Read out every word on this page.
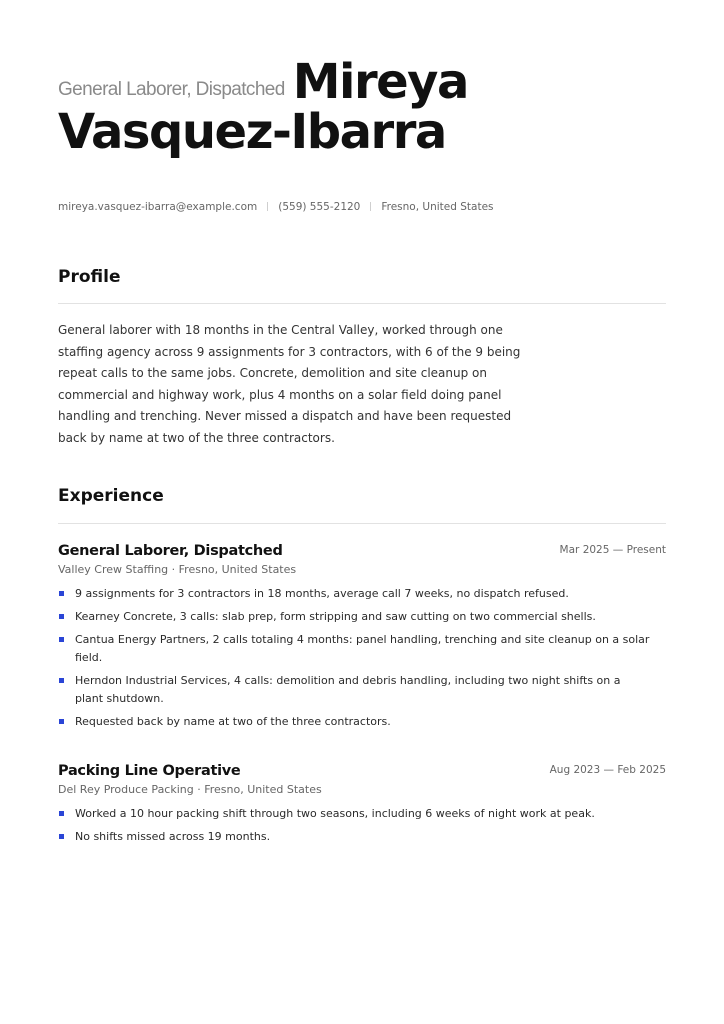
General Laborer, Dispatched Mireya
Vasquez-Ibarra
mireya.vasquez-ibarra@example.com (559) 555-2120 Fresno, United States
Profile
General laborer with 18 months in the Central Valley, worked through one staffing agency across 9 assignments for 3 contractors, with 6 of the 9 being repeat calls to the same jobs. Concrete, demolition and site cleanup on commercial and highway work, plus 4 months on a solar field doing panel handling and trenching. Never missed a dispatch and have been requested back by name at two of the three contractors.
Experience
General Laborer, Dispatched	Mar 2025 — Present
Valley Crew Staffing · Fresno, United States
9 assignments for 3 contractors in 18 months, average call 7 weeks, no dispatch refused.
Kearney Concrete, 3 calls: slab prep, form stripping and saw cutting on two commercial shells.
Cantua Energy Partners, 2 calls totaling 4 months: panel handling, trenching and site cleanup on a solar field.
Herndon Industrial Services, 4 calls: demolition and debris handling, including two night shifts on a plant shutdown.
Requested back by name at two of the three contractors.
Packing Line Operative	Aug 2023 — Feb 2025
Del Rey Produce Packing · Fresno, United States
Worked a 10 hour packing shift through two seasons, including 6 weeks of night work at peak.
No shifts missed across 19 months.
